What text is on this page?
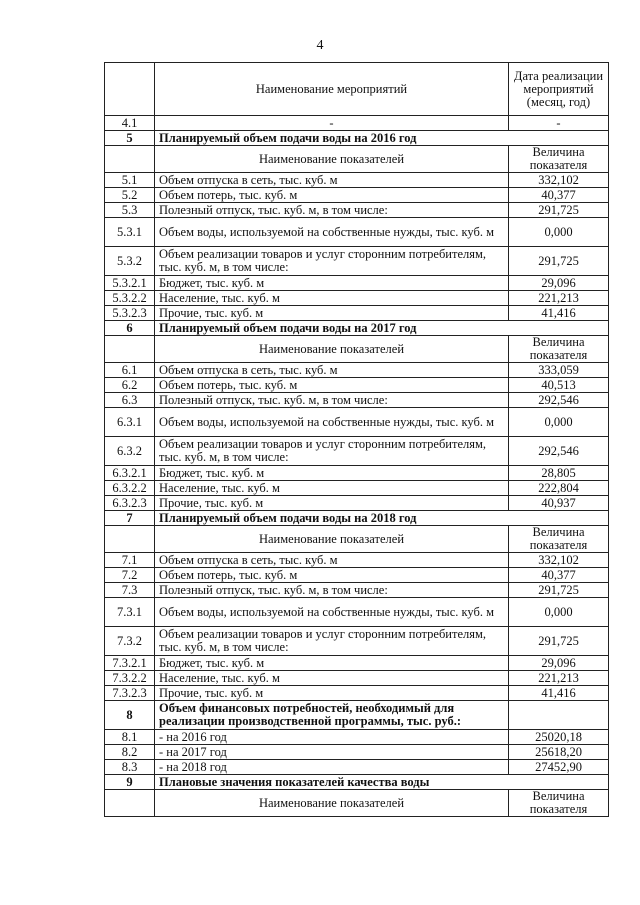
4
	Наименование мероприятий	Дата реализации мероприятий (месяц, год)
4.1	-	-
5	Планируемый объем подачи воды на 2016 год	
	Наименование показателей	Величина показателя
5.1	Объем отпуска в сеть, тыс. куб. м	332,102
5.2	Объем потерь, тыс. куб. м	40,377
5.3	Полезный отпуск, тыс. куб. м, в том числе:	291,725
5.3.1	Объем воды, используемой на собственные нужды, тыс. куб. м	0,000
5.3.2	Объем реализации товаров и услуг сторонним потребителям, тыс. куб. м, в том числе:	291,725
5.3.2.1	Бюджет, тыс. куб. м	29,096
5.3.2.2	Население, тыс. куб. м	221,213
5.3.2.3	Прочие, тыс. куб. м	41,416
6	Планируемый объем подачи воды на 2017 год	
	Наименование показателей	Величина показателя
6.1	Объем отпуска в сеть, тыс. куб. м	333,059
6.2	Объем потерь, тыс. куб. м	40,513
6.3	Полезный отпуск, тыс. куб. м, в том числе:	292,546
6.3.1	Объем воды, используемой на собственные нужды, тыс. куб. м	0,000
6.3.2	Объем реализации товаров и услуг сторонним потребителям, тыс. куб. м, в том числе:	292,546
6.3.2.1	Бюджет, тыс. куб. м	28,805
6.3.2.2	Население, тыс. куб. м	222,804
6.3.2.3	Прочие, тыс. куб. м	40,937
7	Планируемый объем подачи воды на 2018 год	
	Наименование показателей	Величина показателя
7.1	Объем отпуска в сеть, тыс. куб. м	332,102
7.2	Объем потерь, тыс. куб. м	40,377
7.3	Полезный отпуск, тыс. куб. м, в том числе:	291,725
7.3.1	Объем воды, используемой на собственные нужды, тыс. куб. м	0,000
7.3.2	Объем реализации товаров и услуг сторонним потребителям, тыс. куб. м, в том числе:	291,725
7.3.2.1	Бюджет, тыс. куб. м	29,096
7.3.2.2	Население, тыс. куб. м	221,213
7.3.2.3	Прочие, тыс. куб. м	41,416
8	Объем финансовых потребностей, необходимый для реализации производственной программы, тыс. руб.:	
8.1	- на 2016 год	25020,18
8.2	- на 2017 год	25618,20
8.3	- на 2018 год	27452,90
9	Плановые значения показателей качества воды	
	Наименование показателей	Величина показателя
